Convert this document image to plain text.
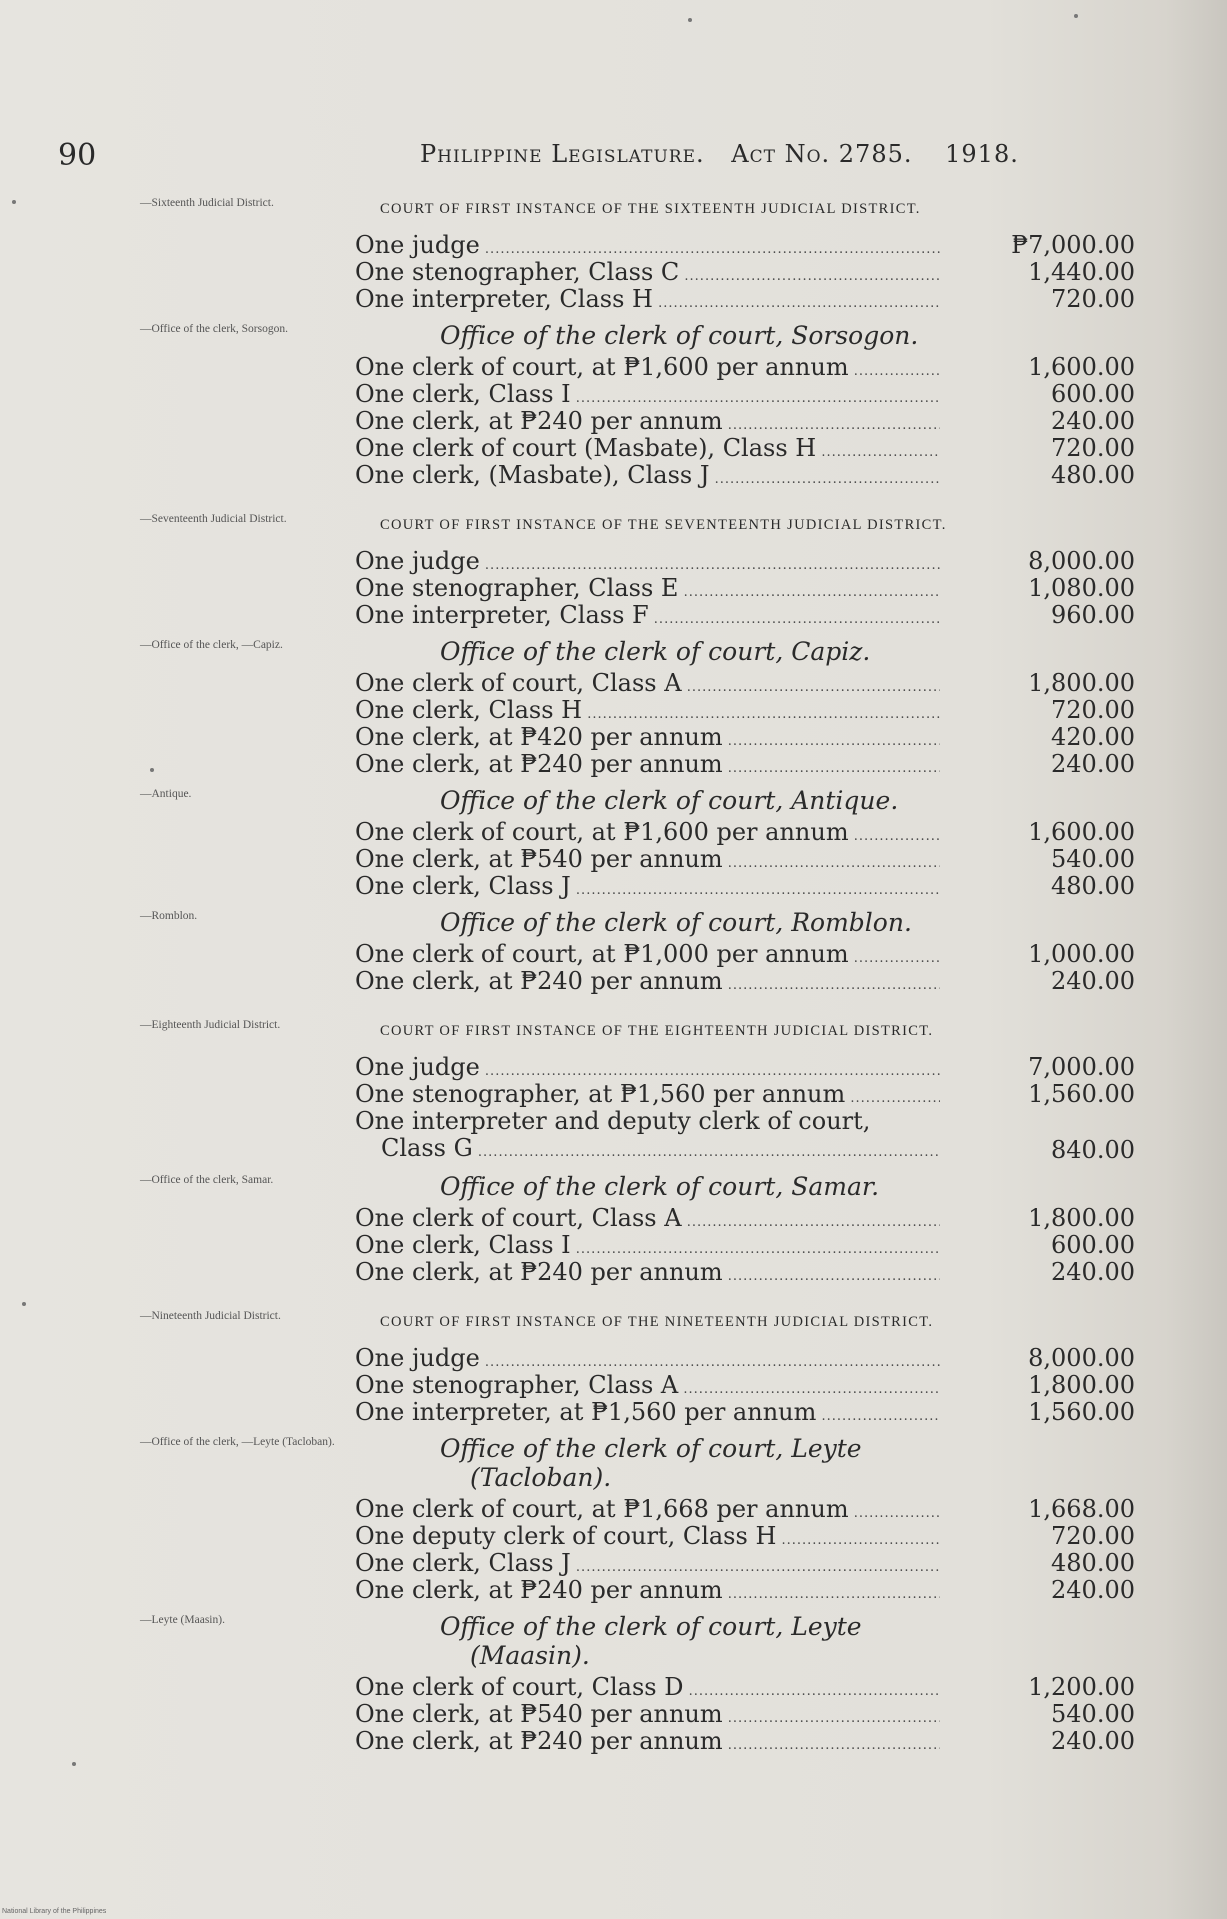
90	Philippine Legislature. Act No. 2785. 1918.
—Sixteenth Judicial District.	COURT OF FIRST INSTANCE OF THE SIXTEENTH JUDICIAL DISTRICT.
One judge .....	₱7,000.00
One stenographer, Class C .....	1,440.00
One interpreter, Class H .....	720.00
—Office of the clerk, Sorsogon.	Office of the clerk of court, Sorsogon.
One clerk of court, at ₱1,600 per annum .....	1,600.00
One clerk, Class I .....	600.00
One clerk, at ₱240 per annum .....	240.00
One clerk of court (Masbate), Class H .....	720.00
One clerk, (Masbate), Class J .....	480.00
—Seventeenth Judicial District.	COURT OF FIRST INSTANCE OF THE SEVENTEENTH JUDICIAL DISTRICT.
One judge .....	8,000.00
One stenographer, Class E .....	1,080.00
One interpreter, Class F .....	960.00
—Office of the clerk, —Capiz.	Office of the clerk of court, Capiz.
One clerk of court, Class A .....	1,800.00
One clerk, Class H .....	720.00
One clerk, at ₱420 per annum .....	420.00
One clerk, at ₱240 per annum .....	240.00
—Antique.	Office of the clerk of court, Antique.
One clerk of court, at ₱1,600 per annum .....	1,600.00
One clerk, at ₱540 per annum .....	540.00
One clerk, Class J .....	480.00
—Romblon.	Office of the clerk of court, Romblon.
One clerk of court, at ₱1,000 per annum .....	1,000.00
One clerk, at ₱240 per annum .....	240.00
—Eighteenth Judicial District.	COURT OF FIRST INSTANCE OF THE EIGHTEENTH JUDICIAL DISTRICT.
One judge .....	7,000.00
One stenographer, at ₱1,560 per annum .....	1,560.00
One interpreter and deputy clerk of court,
Class G .....	840.00
—Office of the clerk, Samar.	Office of the clerk of court, Samar.
One clerk of court, Class A .....	1,800.00
One clerk, Class I .....	600.00
One clerk, at ₱240 per annum .....	240.00
—Nineteenth Judicial District.	COURT OF FIRST INSTANCE OF THE NINETEENTH JUDICIAL DISTRICT.
One judge .....	8,000.00
One stenographer, Class A .....	1,800.00
One interpreter, at ₱1,560 per annum .....	1,560.00
—Office of the clerk, —Leyte (Tacloban).	Office of the clerk of court, Leyte
(Tacloban).
One clerk of court, at ₱1,668 per annum .....	1,668.00
One deputy clerk of court, Class H .....	720.00
One clerk, Class J .....	480.00
One clerk, at ₱240 per annum .....	240.00
—Leyte (Maasin).	Office of the clerk of court, Leyte
(Maasin).
One clerk of court, Class D .....	1,200.00
One clerk, at ₱540 per annum .....	540.00
One clerk, at ₱240 per annum .....	240.00
National Library of the Philippines
